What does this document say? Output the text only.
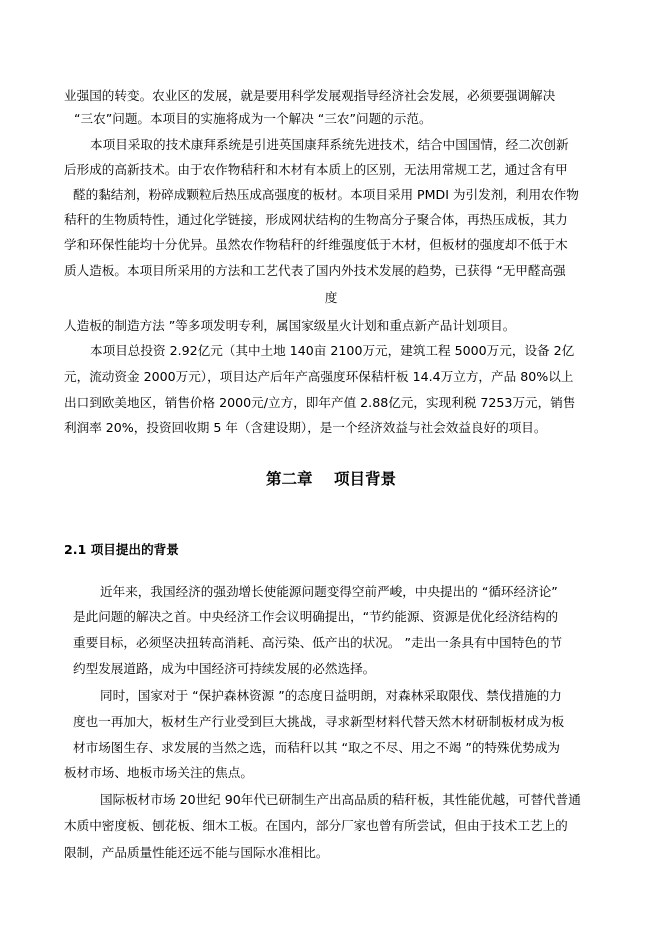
业强国的转变。农业区的发展，就是要用科学发展观指导经济社会发展，必须要强调解决
“三农”问题。本项目的实施将成为一个解决 “三农”问题的示范。
本项目采取的技术康拜系统是引进英国康拜系统先进技术，结合中国国情，经二次创新
后形成的高新技术。由于农作物秸秆和木材有本质上的区别，无法用常规工艺，通过含有甲
醛的黏结剂，粉碎成颗粒后热压成高强度的板材。本项目采用 PMDI 为引发剂，利用农作物
秸秆的生物质特性，通过化学链接，形成网状结构的生物高分子聚合体，再热压成板，其力
学和环保性能均十分优异。虽然农作物秸秆的纤维强度低于木材，但板材的强度却不低于木
质人造板。本项目所采用的方法和工艺代表了国内外技术发展的趋势，已获得 “无甲醛高强
度
人造板的制造方法 ”等多项发明专利，属国家级星火计划和重点新产品计划项目。
本项目总投资 2.92亿元（其中土地 140亩 2100万元，建筑工程 5000万元，设备 2亿
元，流动资金 2000万元），项目达产后年产高强度环保秸杆板 14.4万立方，产品 80%以上
出口到欧美地区，销售价格 2000元/立方，即年产值 2.88亿元，实现利税 7253万元，销售
利润率 20%，投资回收期 5 年（含建设期），是一个经济效益与社会效益良好的项目。
第二章    项目背景
2.1 项目提出的背景
近年来，我国经济的强劲增长使能源问题变得空前严峻，中央提出的 “循环经济论”
是此问题的解决之首。中央经济工作会议明确提出，“节约能源、资源是优化经济结构的
重要目标，必须坚决扭转高消耗、高污染、低产出的状况。 ”走出一条具有中国特色的节
约型发展道路，成为中国经济可持续发展的必然选择。
同时，国家对于 “保护森林资源 ”的态度日益明朗，对森林采取限伐、禁伐措施的力
度也一再加大，板材生产行业受到巨大挑战，寻求新型材料代替天然木材研制板材成为板
材市场图生存、求发展的当然之选，而秸秆以其 “取之不尽、用之不竭 ”的特殊优势成为
板材市场、地板市场关注的焦点。
国际板材市场 20世纪 90年代已研制生产出高品质的秸秆板，其性能优越，可替代普通
木质中密度板、刨花板、细木工板。在国内，部分厂家也曾有所尝试，但由于技术工艺上的
限制，产品质量性能还远不能与国际水准相比。
